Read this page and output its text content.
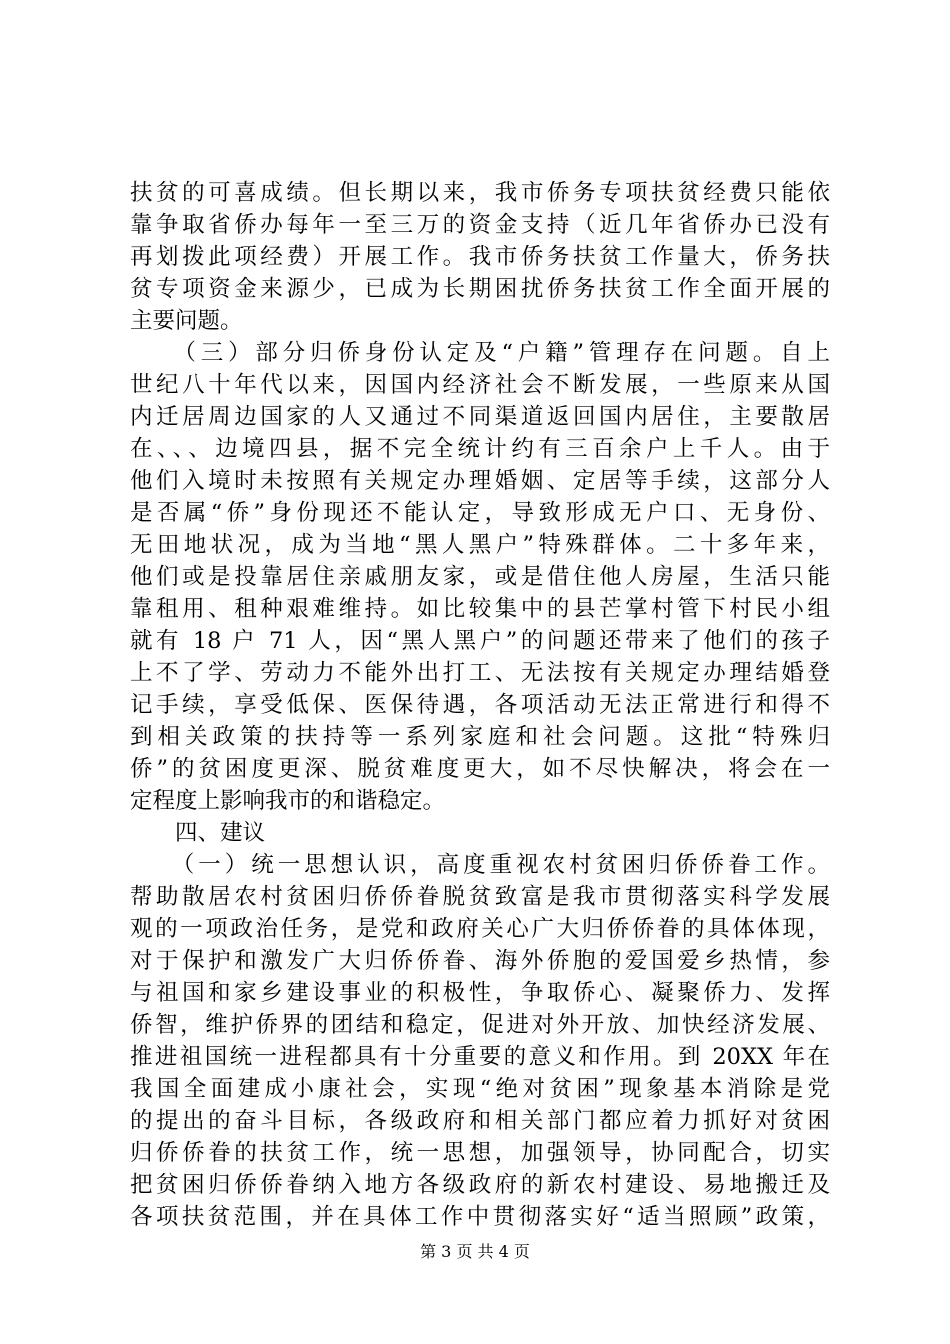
扶贫的可喜成绩。但长期以来，我市侨务专项扶贫经费只能依
靠争取省侨办每年一至三万的资金支持（近几年省侨办已没有
再划拨此项经费）开展工作。我市侨务扶贫工作量大，侨务扶
贫专项资金来源少，已成为长期困扰侨务扶贫工作全面开展的
主要问题。
　　（三）部分归侨身份认定及“户籍”管理存在问题。自上
世纪八十年代以来，因国内经济社会不断发展，一些原来从国
内迁居周边国家的人又通过不同渠道返回国内居住，主要散居
在、、、边境四县，据不完全统计约有三百余户上千人。由于
他们入境时未按照有关规定办理婚姻、定居等手续，这部分人
是否属“侨”身份现还不能认定，导致形成无户口、无身份、
无田地状况，成为当地“黑人黑户”特殊群体。二十多年来，
他们或是投靠居住亲戚朋友家，或是借住他人房屋，生活只能
靠租用、租种艰难维持。如比较集中的县芒掌村管下村民小组
就有 18 户 71 人，因“黑人黑户”的问题还带来了他们的孩子
上不了学、劳动力不能外出打工、无法按有关规定办理结婚登
记手续，享受低保、医保待遇，各项活动无法正常进行和得不
到相关政策的扶持等一系列家庭和社会问题。这批“特殊归
侨”的贫困度更深、脱贫难度更大，如不尽快解决，将会在一
定程度上影响我市的和谐稳定。
　　四、建议
　　（一）统一思想认识，高度重视农村贫困归侨侨眷工作。
帮助散居农村贫困归侨侨眷脱贫致富是我市贯彻落实科学发展
观的一项政治任务，是党和政府关心广大归侨侨眷的具体体现，
对于保护和激发广大归侨侨眷、海外侨胞的爱国爱乡热情，参
与祖国和家乡建设事业的积极性，争取侨心、凝聚侨力、发挥
侨智，维护侨界的团结和稳定，促进对外开放、加快经济发展、
推进祖国统一进程都具有十分重要的意义和作用。到 20XX 年在
我国全面建成小康社会，实现“绝对贫困”现象基本消除是党
的提出的奋斗目标，各级政府和相关部门都应着力抓好对贫困
归侨侨眷的扶贫工作，统一思想，加强领导，协同配合，切实
把贫困归侨侨眷纳入地方各级政府的新农村建设、易地搬迁及
各项扶贫范围，并在具体工作中贯彻落实好“适当照顾”政策，
第 3 页 共 4 页
